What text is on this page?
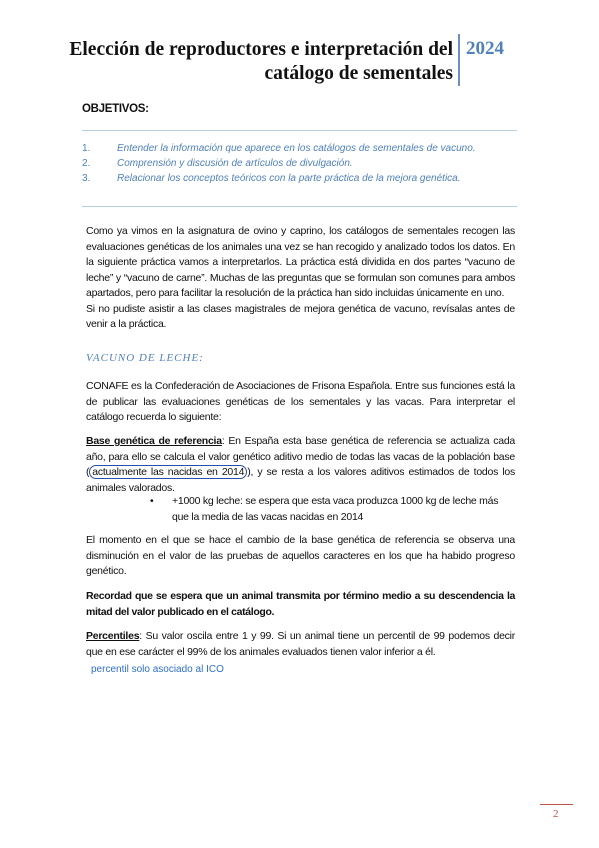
Elección de reproductores e interpretación del
catálogo de sementales
2024
OBJETIVOS:
1.	Entender la información que aparece en los catálogos de sementales de vacuno.
2.	Comprensión y discusión de artículos de divulgación.
3.	Relacionar los conceptos teóricos con la parte práctica de la mejora genética.
Como ya vimos en la asignatura de ovino y caprino, los catálogos de sementales recogen las evaluaciones genéticas de los animales una vez se han recogido y analizado todos los datos. En la siguiente práctica vamos a interpretarlos. La práctica está dividida en dos partes “vacuno de leche” y “vacuno de carne”. Muchas de las preguntas que se formulan son comunes para ambos apartados, pero para facilitar la resolución de la práctica han sido incluidas únicamente en uno.
Si no pudiste asistir a las clases magistrales de mejora genética de vacuno, revísalas antes de venir a la práctica.
VACUNO DE LECHE:
CONAFE es la Confederación de Asociaciones de Frisona Española. Entre sus funciones está la de publicar las evaluaciones genéticas de los sementales y las vacas. Para interpretar el catálogo recuerda lo siguiente:
Base genética de referencia: En España esta base genética de referencia se actualiza cada año, para ello se calcula el valor genético aditivo medio de todas las vacas de la población base ( actualmente las nacidas en 2014 ), y se resta a los valores aditivos estimados de todos los animales valorados.
• +1000 kg leche: se espera que esta vaca produzca 1000 kg de leche más que la media de las vacas nacidas en 2014
El momento en el que se hace el cambio de la base genética de referencia se observa una disminución en el valor de las pruebas de aquellos caracteres en los que ha habido progreso genético.
Recordad que se espera que un animal transmita por término medio a su descendencia la mitad del valor publicado en el catálogo.
Percentiles: Su valor oscila entre 1 y 99. Si un animal tiene un percentil de 99 podemos decir que en ese carácter el 99% de los animales evaluados tienen valor inferior a él.
percentil solo asociado al ICO
2
